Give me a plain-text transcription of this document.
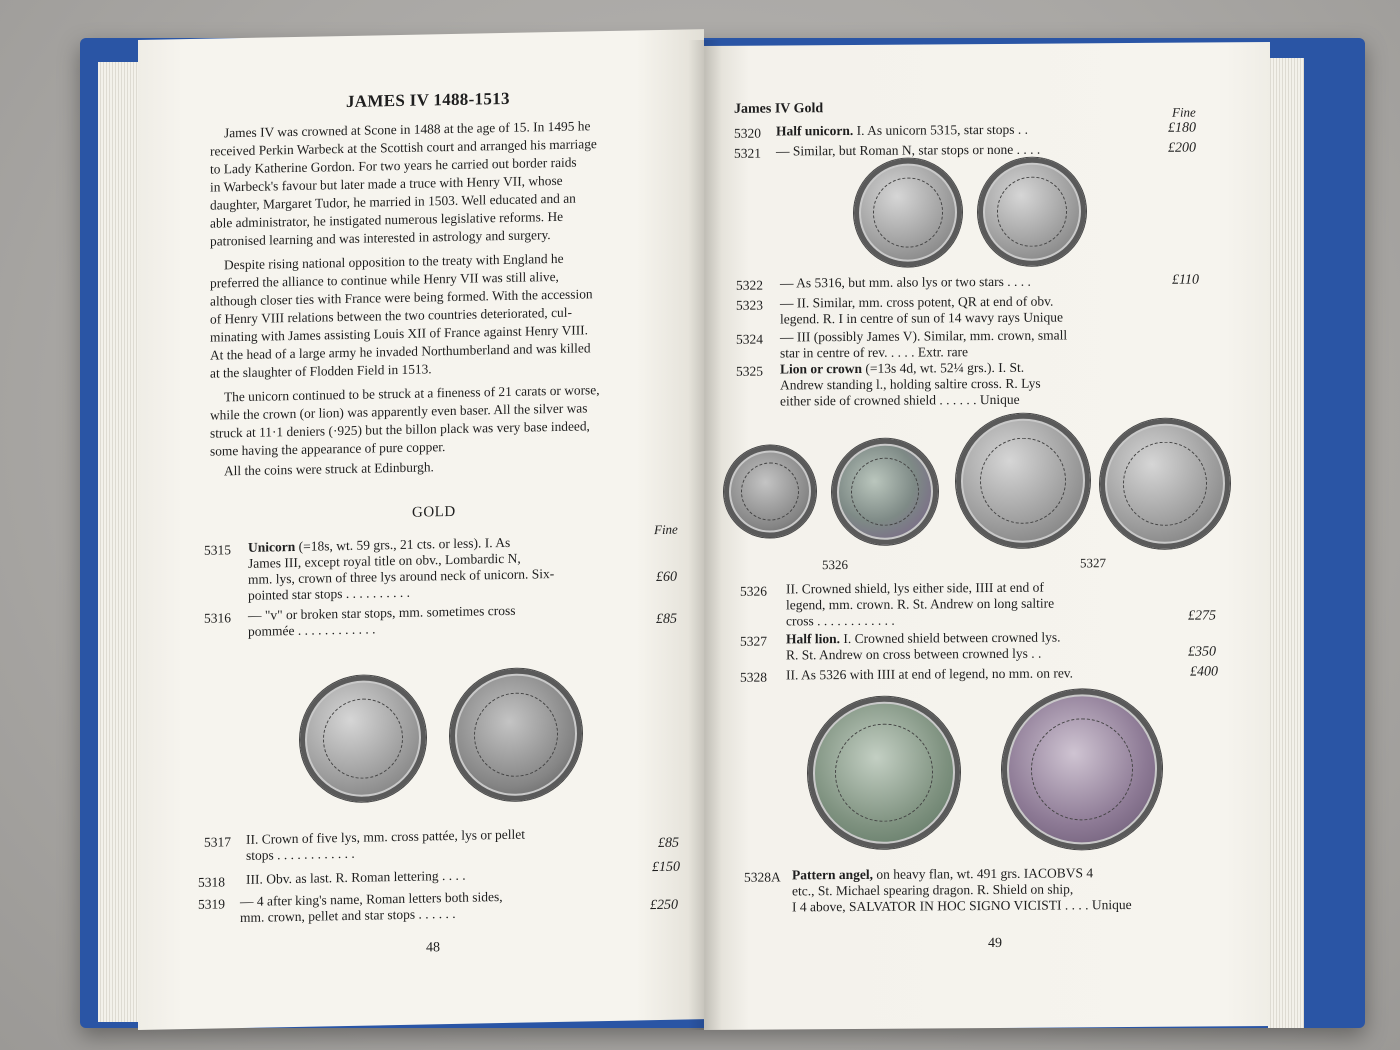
JAMES IV 1488-1513
James IV was crowned at Scone in 1488 at the age of 15. In 1495 he
received Perkin Warbeck at the Scottish court and arranged his marriage
to Lady Katherine Gordon. For two years he carried out border raids
in Warbeck's favour but later made a truce with Henry VII, whose
daughter, Margaret Tudor, he married in 1503. Well educated and an
able administrator, he instigated numerous legislative reforms. He
patronised learning and was interested in astrology and surgery.
Despite rising national opposition to the treaty with England he
preferred the alliance to continue while Henry VII was still alive,
although closer ties with France were being formed. With the accession
of Henry VIII relations between the two countries deteriorated, cul-
minating with James assisting Louis XII of France against Henry VIII.
At the head of a large army he invaded Northumberland and was killed
at the slaughter of Flodden Field in 1513.
The unicorn continued to be struck at a fineness of 21 carats or worse,
while the crown (or lion) was apparently even baser. All the silver was
struck at 11·1 deniers (·925) but the billon plack was very base indeed,
some having the appearance of pure copper.
All the coins were struck at Edinburgh.
GOLD
Fine
5315 Unicorn (=18s, wt. 59 grs., 21 cts. or less). I. As
James III, except royal title on obv., Lombardic N,
mm. lys, crown of three lys around neck of unicorn. Six-
pointed star stops . . . . . . . . . .
£60
5316 — "v" or broken star stops, mm. sometimes cross
pommée . . . . . . . . . . . .
£85
5317 II. Crown of five lys, mm. cross pattée, lys or pellet
stops . . . . . . . . . . . .
£85
5318 III. Obv. as last. R. Roman lettering . . . .
£150
5319 — 4 after king's name, Roman letters both sides,
mm. crown, pellet and star stops . . . . . .
£250
48
James IV Gold	Fine
5320 Half unicorn. I. As unicorn 5315, star stops . .	£180
5321 — Similar, but Roman N, star stops or none . . . .	£200
5322 — As 5316, but mm. also lys or two stars . . . .	£110
5323 — II. Similar, mm. cross potent, QR at end of obv.
legend. R. I in centre of sun of 14 wavy rays Unique
5324 — III (possibly James V). Similar, mm. crown, small
star in centre of rev. . . . . Extr. rare
5325 Lion or crown (=13s 4d, wt. 52¼ grs.). I. St.
Andrew standing l., holding saltire cross. R. Lys
either side of crowned shield . . . . . . Unique
5326	5327
5326 II. Crowned shield, lys either side, IIII at end of
legend, mm. crown. R. St. Andrew on long saltire
cross . . . . . . . . . . . .	£275
5327 Half lion. I. Crowned shield between crowned lys.
R. St. Andrew on cross between crowned lys . .	£350
5328 II. As 5326 with IIII at end of legend, no mm. on rev.	£400
5328A Pattern angel, on heavy flan, wt. 491 grs. IACOBVS 4
etc., St. Michael spearing dragon. R. Shield on ship,
I 4 above, SALVATOR IN HOC SIGNO VICISTI . . . . Unique
49
